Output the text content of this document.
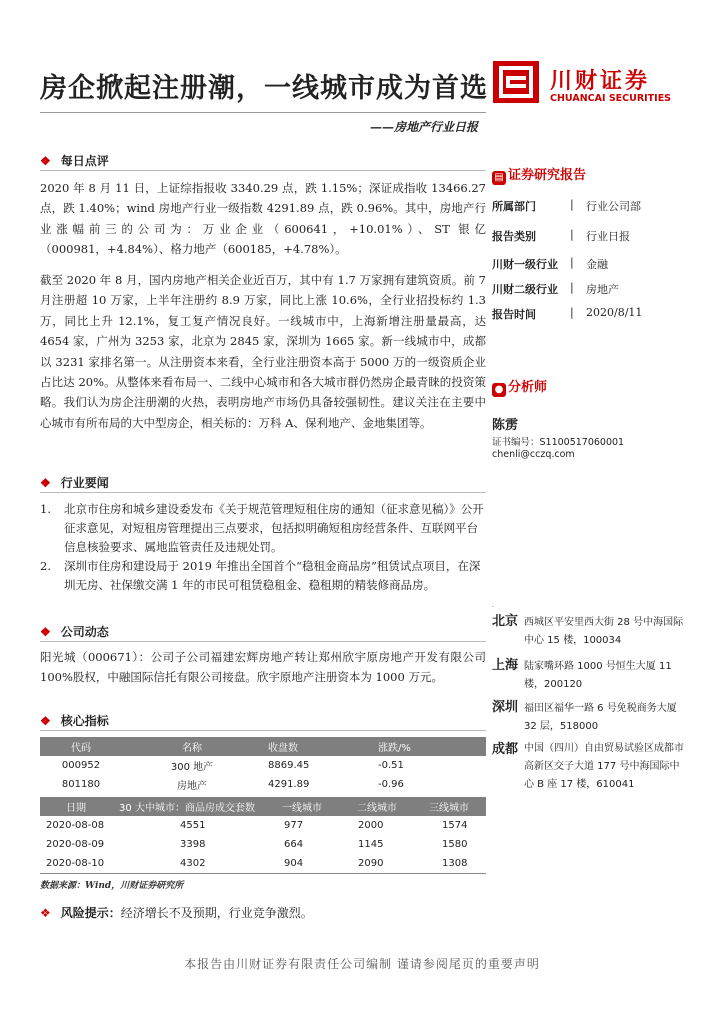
房企掀起注册潮，一线城市成为首选	川财证券
CHUANCAI SECURITIES
——房地产行业日报
❖ 每日点评
2020 年 8 月 11 日，上证综指报收 3340.29 点，跌 1.15%；深证成指收 13466.27 点，跌 1.40%；wind 房地产行业一级指数 4291.89 点，跌 0.96%。其中，房地产行业涨幅前三的公司为：万业企业（600641，+10.01%）、ST 银亿（000981，+4.84%）、格力地产（600185，+4.78%）。
截至 2020 年 8 月，国内房地产相关企业近百万，其中有 1.7 万家拥有建筑资质。前 7 月注册超 10 万家，上半年注册约 8.9 万家，同比上涨 10.6%，全行业招投标约 1.3 万，同比上升 12.1%，复工复产情况良好。一线城市中，上海新增注册量最高，达 4654 家，广州为 3253 家，北京为 2845 家，深圳为 1665 家。新一线城市中，成都以 3231 家排名第一。从注册资本来看，全行业注册资本高于 5000 万的一级资质企业占比达 20%。从整体来看布局一、二线中心城市和各大城市群仍然房企最青睐的投资策略。我们认为房企注册潮的火热，表明房地产市场仍具备较强韧性。建议关注在主要中心城市有所布局的大中型房企，相关标的：万科 A、保利地产、金地集团等。
❖ 行业要闻
1. 北京市住房和城乡建设委发布《关于规范管理短租住房的通知（征求意见稿）》公开征求意见，对短租房管理提出三点要求，包括拟明确短租房经营条件、互联网平台信息核验要求、属地监管责任及违规处罚。
2. 深圳市住房和建设局于 2019 年推出全国首个“稳租金商品房”租赁试点项目，在深圳无房、社保缴交满 1 年的市民可租赁稳租金、稳租期的精装修商品房。
❖ 公司动态
阳光城（000671）：公司子公司福建宏辉房地产转让郑州欣宇原房地产开发有限公司 100%股权，中融国际信托有限公司接盘。欣宇原地产注册资本为 1000 万元。
❖ 核心指标
代码	名称	收盘数	涨跌/%
000952	300 地产	8869.45	-0.51
801180	房地产	4291.89	-0.96
日期	30 大中城市：商品房成交套数	一线城市	二线城市	三线城市
2020-08-08	4551	977	2000	1574
2020-08-09	3398	664	1145	1580
2020-08-10	4302	904	2090	1308
数据来源：Wind，川财证券研究所
❖ 风险提示：经济增长不及预期，行业竞争激烈。
▤ 证券研究报告
所属部门	| 行业公司部
报告类别	| 行业日报
川财一级行业 | 金融
川财二级行业 | 房地产
报告时间	| 2020/8/11
● 分析师
陈雳
证书编号：S1100517060001
chenli@cczq.com
北京 西城区平安里西大街 28 号中海国际中心 15 楼，100034
上海 陆家嘴环路 1000 号恒生大厦 11 楼，200120
深圳 福田区福华一路 6 号免税商务大厦 32 层，518000
成都 中国（四川）自由贸易试验区成都市高新区交子大道 177 号中海国际中心 B 座 17 楼，610041
本报告由川财证券有限责任公司编制 谨请参阅尾页的重要声明
